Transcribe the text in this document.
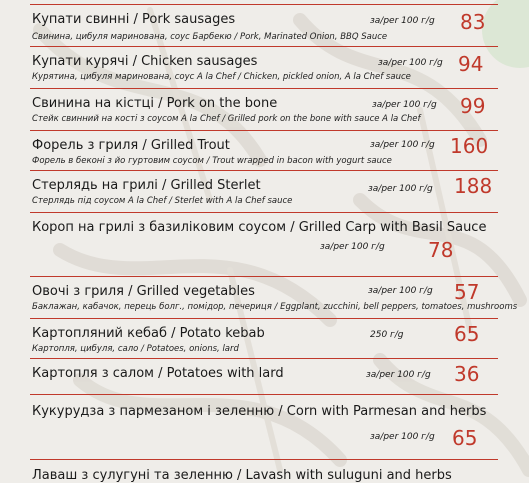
Купати свинні / Pork sausages
Свинина, цибуля маринована, соус Барбекю / Pork, Marinated Onion, BBQ Sauce
за/per 100 г/g 83
Купати курячі / Chicken sausages
Курятина, цибуля маринована, соус A la Chef / Chicken, pickled onion, A la Chef sauce
за/per 100 г/g 94
Свинина на кістці / Pork on the bone
Стейк свинний на кості з соусом A la Chef / Grilled pork on the bone with sauce A la Chef
за/per 100 г/g 99
Форель з гриля / Grilled Trout
Форель в беконі з йо гуртовим соусом / Trout wrapped in bacon with yogurt sauce
за/per 100 г/g 160
Стерлядь на грилі / Grilled Sterlet
Стерлядь під соусом A la Chef / Sterlet with A la Chef sauce
за/per 100 г/g 188
Короп на грилі з базиліковим соусом / Grilled Carp with Basil Sauce
за/per 100 г/g 78
Овочі з гриля / Grilled vegetables
Баклажан, кабачок, перець болг., помідор, печериця / Eggplant, zucchini, bell peppers, tomatoes, mushrooms
за/per 100 г/g 57
Картопляний кебаб / Potato kebab
Картопля, цибуля, сало / Potatoes, onions, lard
250 г/g	65
Картопля з салом / Potatoes with lard	за/per 100 г/g 36
Кукурудза з пармезаном і зеленню / Corn with Parmesan and herbs
за/per 100 г/g 65
Лаваш з сулугуні та зеленню / Lavash with suluguni and herbs
